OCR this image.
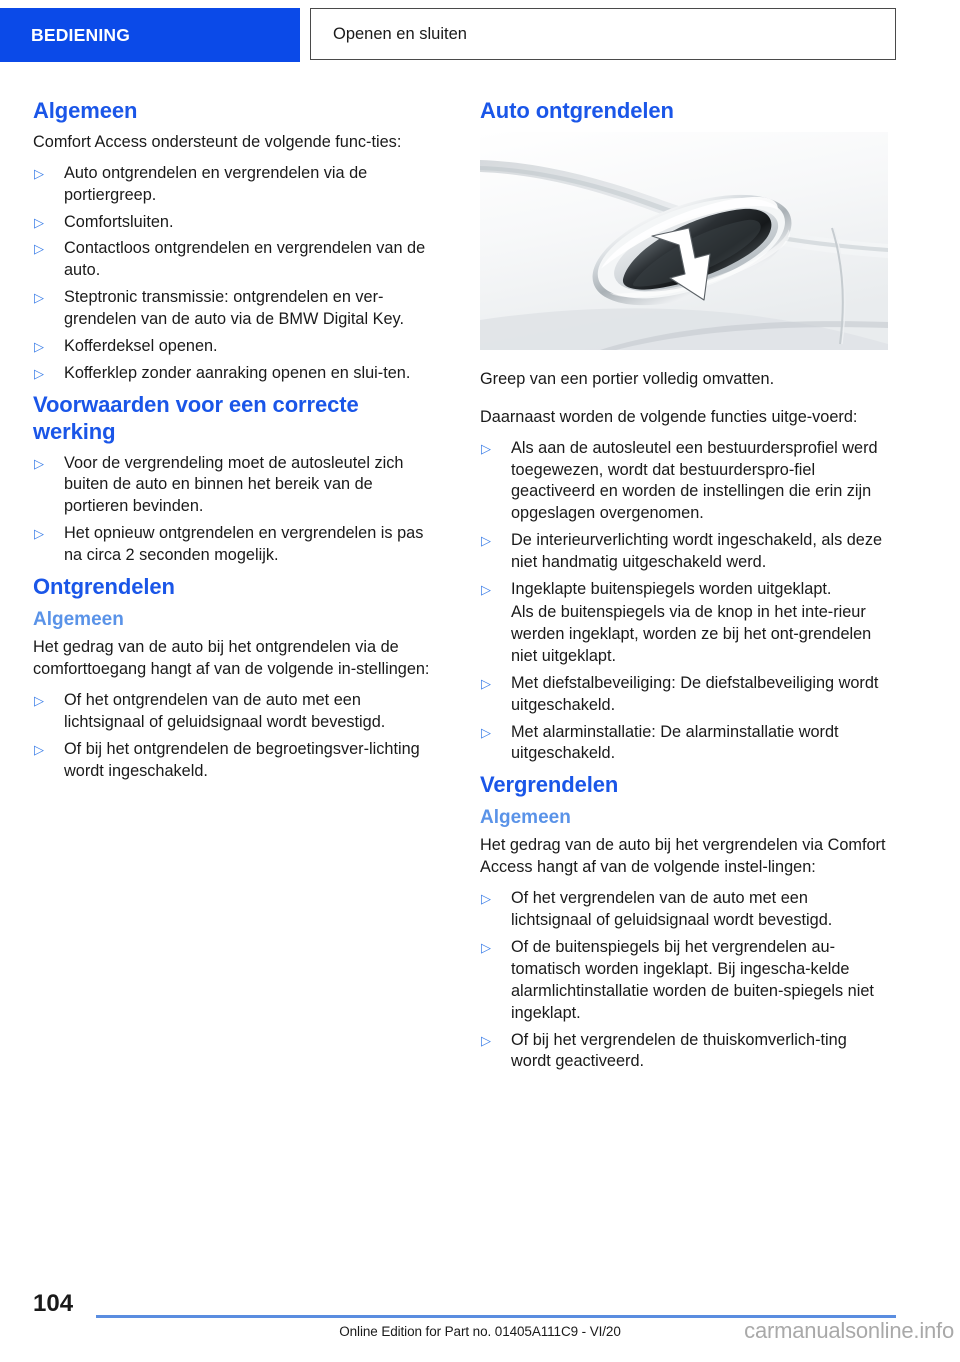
BEDIENING	Openen en sluiten
Algemeen

Comfort Access ondersteunt de volgende func-ties:

▷ Auto ontgrendelen en vergrendelen via de portiergreep.
▷ Comfortsluiten.
▷ Contactloos ontgrendelen en vergrendelen van de auto.
▷ Steptronic transmissie: ontgrendelen en ver-grendelen van de auto via de BMW Digital Key.
▷ Kofferdeksel openen.
▷ Kofferklep zonder aanraking openen en slui-ten.
Voorwaarden voor een correcte werking
▷ Voor de vergrendeling moet de autosleutel zich buiten de auto en binnen het bereik van de portieren bevinden.
▷ Het opnieuw ontgrendelen en vergrendelen is pas na circa 2 seconden mogelijk.
Ontgrendelen
Algemeen

Het gedrag van de auto bij het ontgrendelen via de comforttoegang hangt af van de volgende in-stellingen:

▷ Of het ontgrendelen van de auto met een lichtsignaal of geluidsignaal wordt bevestigd.
▷ Of bij het ontgrendelen de begroetingsver-lichting wordt ingeschakeld.
Auto ontgrendelen

Greep van een portier volledig omvatten.

Daarnaast worden de volgende functies uitge-voerd:

▷ Als aan de autosleutel een bestuurdersprofiel werd toegewezen, wordt dat bestuurderspro-fiel geactiveerd en worden de instellingen die erin zijn opgeslagen overgenomen.
▷ De interieurverlichting wordt ingeschakeld, als deze niet handmatig uitgeschakeld werd.
▷ Ingeklapte buitenspiegels worden uitgeklapt.
Als de buitenspiegels via de knop in het inte-rieur werden ingeklapt, worden ze bij het ont-grendelen niet uitgeklapt.
▷ Met diefstalbeveiliging: De diefstalbeveiliging wordt uitgeschakeld.
▷ Met alarminstallatie: De alarminstallatie wordt uitgeschakeld.
Vergrendelen
Algemeen

Het gedrag van de auto bij het vergrendelen via Comfort Access hangt af van de volgende instel-lingen:

▷ Of het vergrendelen van de auto met een lichtsignaal of geluidsignaal wordt bevestigd.
▷ Of de buitenspiegels bij het vergrendelen au-tomatisch worden ingeklapt. Bij ingescha-kelde alarmlichtinstallatie worden de buiten-spiegels niet ingeklapt.
▷ Of bij het vergrendelen de thuiskomverlich-ting wordt geactiveerd.
104
Online Edition for Part no. 01405A111C9 - VI/20	carmanualsonline.info
